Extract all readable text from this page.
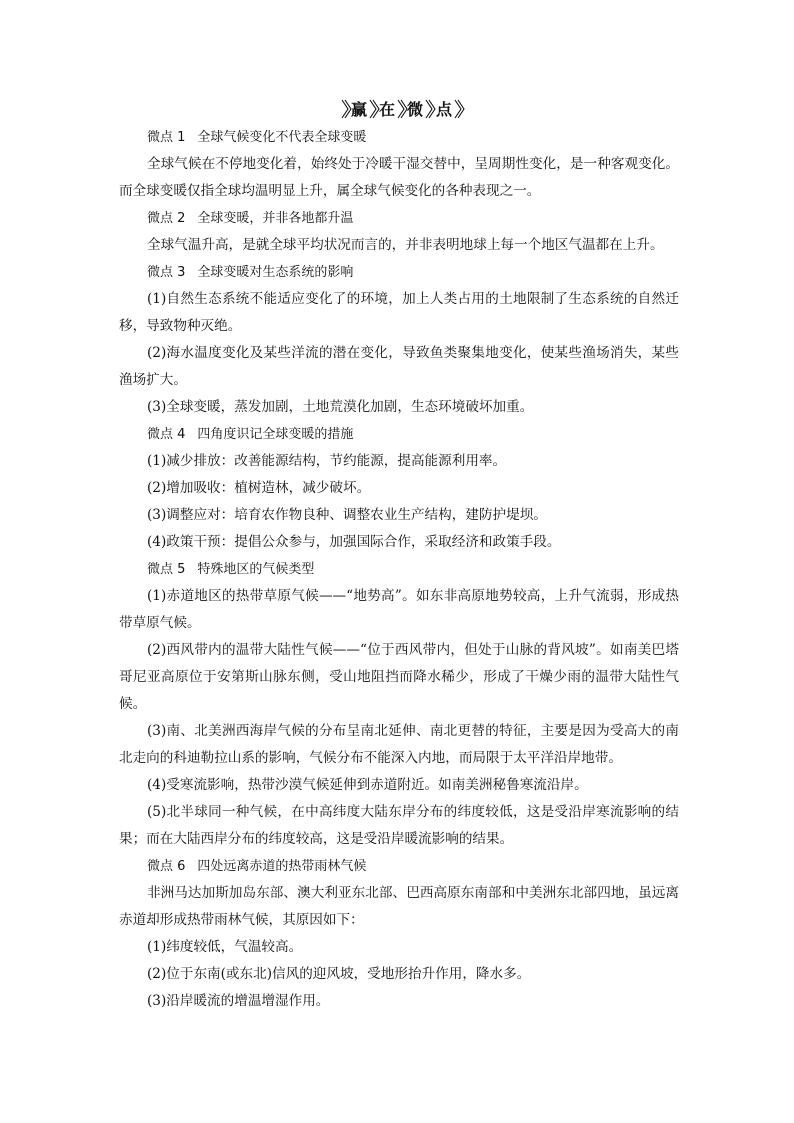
赢 在 微 点

微点 1 全球气候变化不代表全球变暖

全球气候在不停地变化着，始终处于冷暖干湿交替中，呈周期性变化，是一种客观变化。而全球变暖仅指全球均温明显上升，属全球气候变化的各种表现之一。

微点 2 全球变暖，并非各地都升温

全球气温升高，是就全球平均状况而言的，并非表明地球上每一个地区气温都在上升。

微点 3 全球变暖对生态系统的影响

(1)自然生态系统不能适应变化了的环境，加上人类占用的土地限制了生态系统的自然迁移，导致物种灭绝。

(2)海水温度变化及某些洋流的潜在变化，导致鱼类聚集地变化，使某些渔场消失，某些渔场扩大。

(3)全球变暖，蒸发加剧，土地荒漠化加剧，生态环境破坏加重。

微点 4 四角度识记全球变暖的措施

(1)减少排放：改善能源结构，节约能源，提高能源利用率。

(2)增加吸收：植树造林，减少破坏。

(3)调整应对：培育农作物良种、调整农业生产结构，建防护堤坝。

(4)政策干预：提倡公众参与，加强国际合作，采取经济和政策手段。

微点 5 特殊地区的气候类型

(1)赤道地区的热带草原气候——“地势高”。如东非高原地势较高，上升气流弱，形成热带草原气候。

(2)西风带内的温带大陆性气候——“位于西风带内，但处于山脉的背风坡”。如南美巴塔哥尼亚高原位于安第斯山脉东侧，受山地阻挡而降水稀少，形成了干燥少雨的温带大陆性气候。

(3)南、北美洲西海岸气候的分布呈南北延伸、南北更替的特征，主要是因为受高大的南北走向的科迪勒拉山系的影响，气候分布不能深入内地，而局限于太平洋沿岸地带。

(4)受寒流影响，热带沙漠气候延伸到赤道附近。如南美洲秘鲁寒流沿岸。

(5)北半球同一种气候，在中高纬度大陆东岸分布的纬度较低，这是受沿岸寒流影响的结果；而在大陆西岸分布的纬度较高，这是受沿岸暖流影响的结果。

微点 6 四处远离赤道的热带雨林气候

非洲马达加斯加岛东部、澳大利亚东北部、巴西高原东南部和中美洲东北部四地，虽远离赤道却形成热带雨林气候，其原因如下：

(1)纬度较低，气温较高。

(2)位于东南(或东北)信风的迎风坡，受地形抬升作用，降水多。

(3)沿岸暖流的增温增湿作用。
